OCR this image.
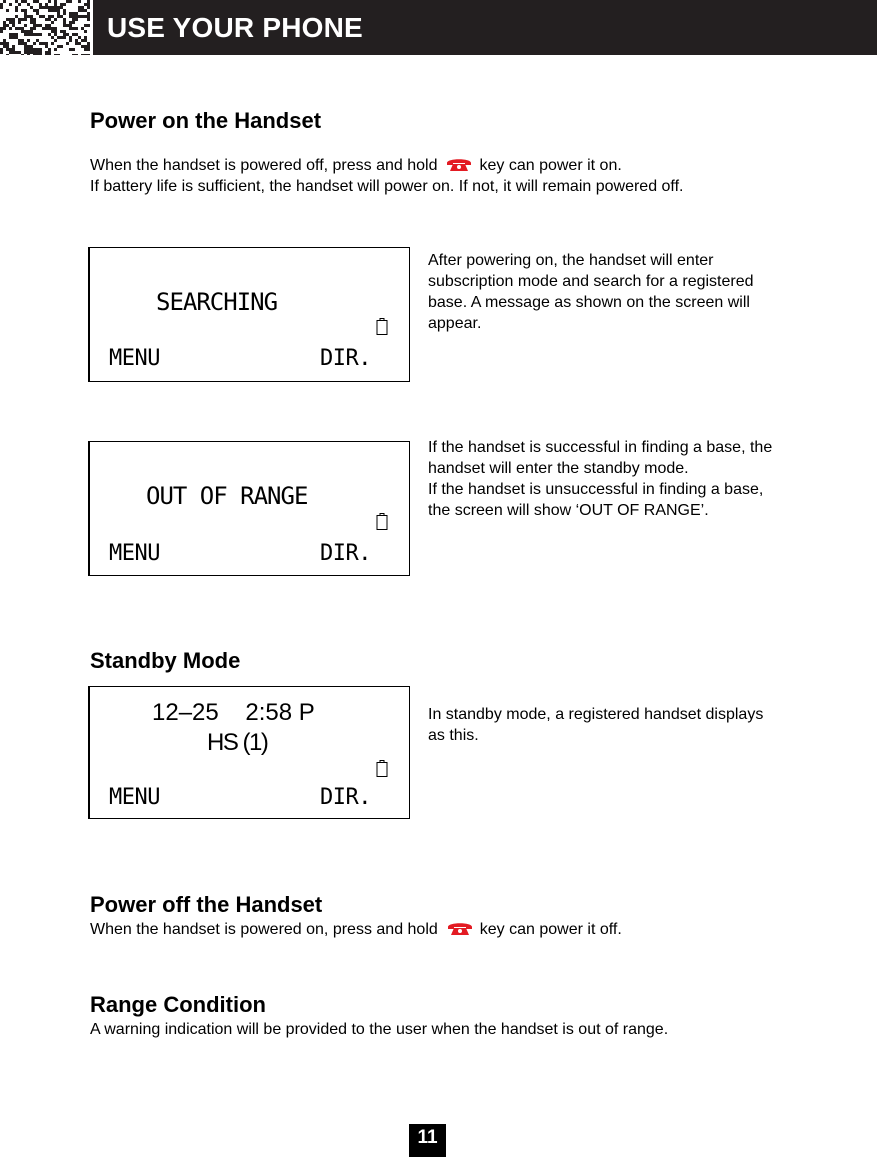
USE YOUR PHONE
Power on the Handset

When the handset is powered off, press and hold	key can power it on.
If battery life is sufficient, the handset will power on. If not, it will remain powered off.

SEARCHING
MENU	DIR.

After powering on, the handset will enter subscription mode and search for a registered base. A message as shown on the screen will appear.

OUT OF RANGE
MENU	DIR.

If the handset is successful in finding a base, the handset will enter the standby mode.
If the handset is unsuccessful in finding a base, the screen will show ‘OUT OF RANGE’.

Standby Mode
12–25    2:58 P
HS (1)
MENU	DIR.

In standby mode, a registered handset displays as this.

Power off the Handset

When the handset is powered on, press and hold	key can power it off.

Range Condition

A warning indication will be provided to the user when the handset is out of range.

11
